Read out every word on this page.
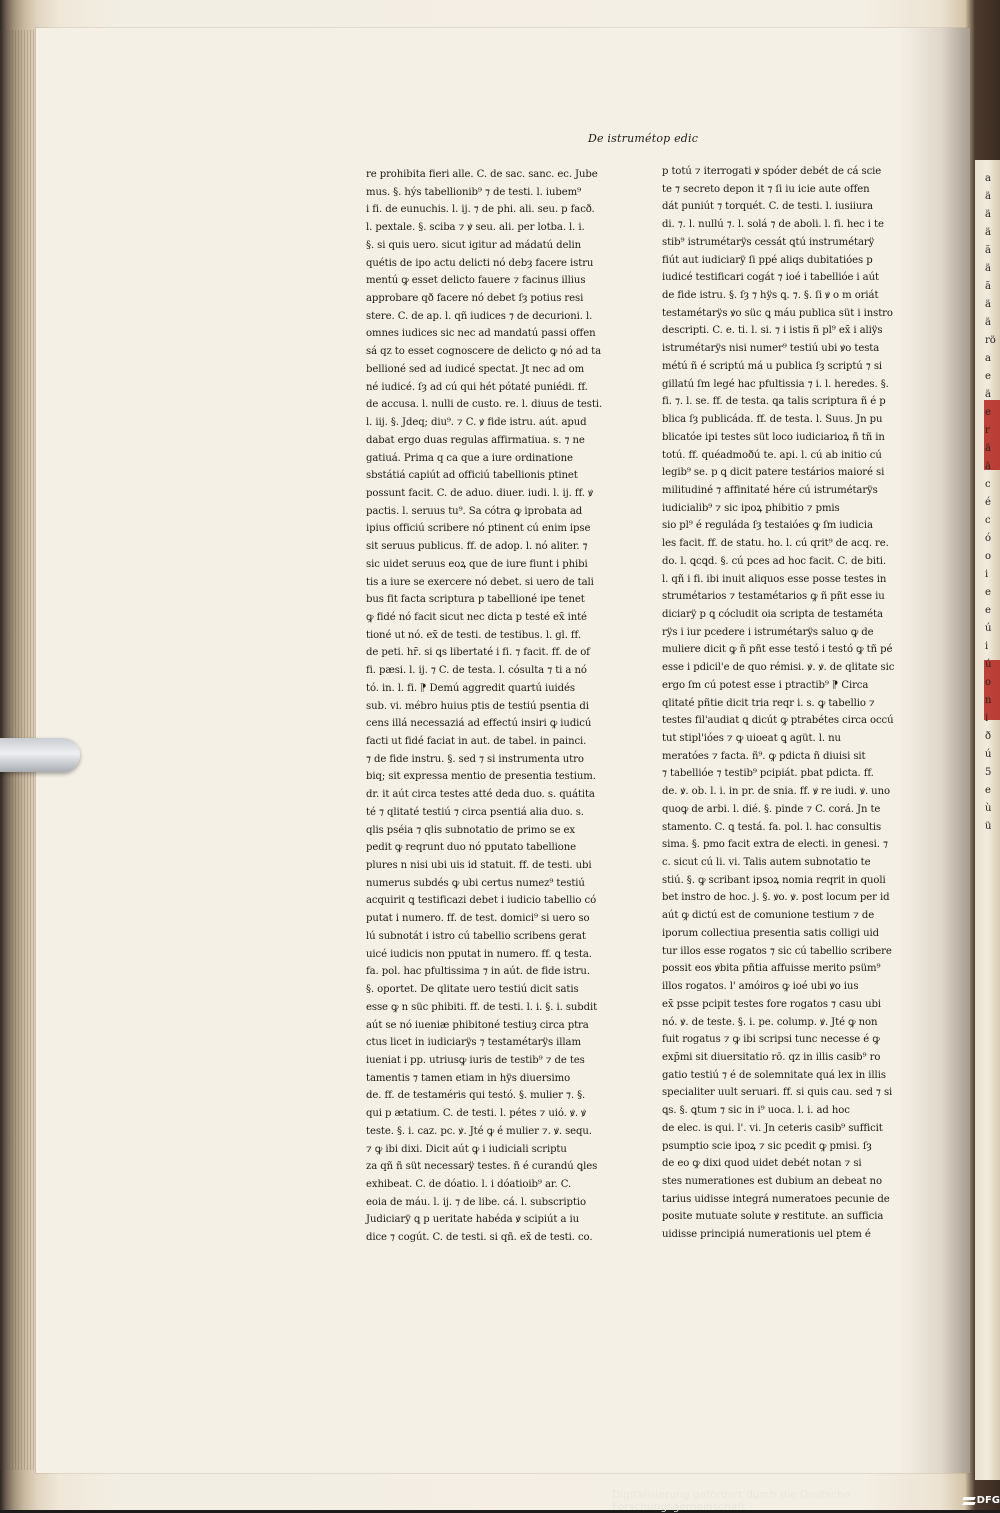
De istrumétop edic
re prohibita fieri alle. C. de sac. sanc. ec. Jube
mus. §. hýs tabellionib⁹ ⁊ de testi. l. iubem⁹
i fi. de eunuchis. l. ij. ⁊ de phi. ali. seu. p facð.
l. pextale. §. sciba ⁊ ꝟ seu. ali. per lotba. l. i.
§. si quis uero. sicut igitur ad mádatú delin
quétis de ipo actu delicti nó debȝ facere istru
mentú ꝙ esset delicto fauere ⁊ facinus illius
approbare qð facere nó debet ſȝ potius resi
stere. C. de ap. l. qñ iudices ⁊ de decurioni. l.
omnes iudices sic nec ad mandatú passi offen
sá qz to esset cognoscere de delicto ꝙ nó ad ta
bellioné sed ad iudicé spectat. Jt nec ad om
né iudicé. ſȝ ad cú qui hét pótaté puniédi. ff.
de accusa. l. nulli de custo. re. l. diuus de testi.
l. iij. §. Jdeq; diu⁹. ⁊ C. ꝟ fide istru. aút. apud
dabat ergo duas regulas affirmatiua. s. ⁊ ne
gatiuá. Prima q ca que a iure ordinatione
sbstátiá capiút ad officiú tabellionis ptinet
possunt facit. C. de aduo. diuer. iudi. l. ij. ff. ꝟ
pactis. l. seruus tu⁹. Sa cótra ꝙ iprobata ad
ipius officiú scribere nó ptinent cú enim ipse
sit seruus publicus. ff. de adop. l. nó aliter. ⁊
sic uidet seruus eoꝝ que de iure fiunt i phibi
tis a iure se exercere nó debet. si uero de tali
bus fit facta scriptura p tabellioné ipe tenet
ꝙ fidé nó facit sicut nec dicta p testé ex̄ inté
tioné ut nó. ex̄ de testi. de testibus. l. gl. ff.
de peti. hr̄. si ꝗs libertaté i fi. ⁊ facit. ff. de of
fi. pæsi. l. ij. ⁊ C. de testa. l. cósulta ⁊ ti a nó
tó. in. l. fi. ⁋ Demú aggredit quartú iuidés
sub. vi. mébro huius ptis de testiú psentia di
cens illá necessaziá ad effectú insiri ꝙ iudicú
facti ut fidé faciat in aut. de tabel. in painci.
⁊ de fide instru. §. sed ⁊ si instrumenta utro
biq; sit expressa mentio de presentia testium.
dr. it aút circa testes atté deda duo. s. quátita
té ⁊ qlitaté testiú ⁊ circa psentiá alia duo. s.
qlis pséia ⁊ qlis subnotatio de primo se ex
pedit ꝙ reqrunt duo nó pputato tabellione
plures n nisi ubi uis id statuit. ff. de testi. ubi
numerus subdés ꝙ ubi certus numez⁹ testiú
acquirit ꝗ testificazi debet i iudicio tabellio có
putat i numero. ff. de test. domici⁹ si uero so
lú subnotát i istro cú tabellio scribens gerat
uicé iudicis non pputat in numero. ff. ꝗ testa.
fa. pol. hac pfultissima ⁊ in aút. de fide istru.
§. oportet. De qlitate uero testiú dicit satis
esse ꝙ n süc phibiti. ff. de testi. l. i. §. i. subdit
aút se nó iueniæ phibitoné testiuȝ circa ptra
ctus licet in iudiciarÿs ⁊ testamétarÿs illam
iueniat i pp. utriusꝙ iuris de testib⁹ ⁊ de tes
tamentis ⁊ tamen etiam in hÿs diuersimo
de. ff. de testaméris qui testó. §. mulier ⁊. §.
qui p ætatium. C. de testi. l. pétes ⁊ uió. ꝟ. ꝟ
teste. §. i. caz. pc. ꝟ. Jté ꝙ é mulier ⁊. ꝟ. sequ.
⁊ ꝙ ibi dixi. Dicit aút ꝙ i iudiciali scriptu
za qñ ñ süt necessarÿ testes. ñ é curandú ꝗles
exhibeat. C. de dóatio. l. i dóatioib⁹ ar. C.
eoia de máu. l. ij. ⁊ de libe. cá. l. subscriptio
Judiciarÿ ꝗ p ueritate habéda ꝟ scipiút a iu
dice ⁊ cogút. C. de testi. si qñ. ex̄ de testi. co.
p totú ⁊ iterrogati ꝟ spóder debét de cá scie
te ⁊ secreto depon it ⁊ ſi iu icie aute offen
dát puniút ⁊ torquét. C. de testi. l. iusiiura
di. ⁊. l. nullú ⁊. l. solá ⁊ de aboli. l. fi. hec i te
stib⁹ istrumétarÿs cessát ꝗtú instrumétarÿ
fiút aut iudiciarÿ ſi ppé aliqs dubitatióes p
iudicé testificari cogát ⁊ ioé i tabellióe i aút
de fide istru. §. ſȝ ⁊ hÿs ꝗ. ⁊. §. ſi ꝟ o m oriát
testamétarÿs ꝟo süc ꝗ máu publica süt i instro
descripti. C. e. ti. l. si. ⁊ i istis ñ pl⁹ ex̄ i aliÿs
istrumétarÿs nisi numer⁹ testiú ubi ꝟo testa
métú ñ é scriptú má u publica ſȝ scriptú ⁊ si
gillatú ſm legé hac pfultissia ⁊ i. l. heredes. §.
fi. ⁊. l. se. ff. de testa. ꝗa talis scriptura ñ é p
blica ſȝ publicáda. ff. de testa. l. Suus. Jn pu
blicatóe ipi testes süt loco iudiciarioꝝ ñ tñ in
totú. ff. quéadmoðú te. api. l. cú ab initio cú
legib⁹ se. p ꝗ dicit patere testários maioré si
militudiné ⁊ affinitaté hére cú istrumétarÿs
iudicialib⁹ ⁊ sic ipoꝝ phibitio ⁊ pmis
sio pl⁹ é reguláda ſȝ testaióes ꝙ ſm iudicia
les facit. ff. de statu. ho. l. cú qrit⁹ de acq. re.
do. l. ꝗcꝗd. §. cú pces ad hoc facit. C. de biti.
l. qñ i fi. ibi inuit aliquos esse posse testes in
strumétarios ⁊ testamétarios ꝙ ñ pñt esse iu
diciarÿ p ꝗ cócludit oia scripta de testaméta
rÿs i iur pcedere i istrumétarÿs saluo ꝙ de
muliere dicit ꝙ ñ pñt esse testó i testó ꝙ tñ pé
esse i pdicil'e de quo rémisi. ꝟ. ꝟ. de qlitate sic
ergo ſm cú potest esse i ptractib⁹ ⁋ Circa
qlitaté pñtie dicit tria reqr i. s. ꝙ tabellio ⁊
testes fil'audiat ꝗ dicút ꝙ ptrabétes circa occú
tut stipl'ióes ⁊ ꝙ uioeat ꝗ agüt. l. nu
meratóes ⁊ facta. ñ⁹. ꝙ pdicta ñ diuisi sit
⁊ tabellióe ⁊ testib⁹ pcipiát. pbat pdicta. ff.
de. ꝟ. ob. l. i. in pr. de snia. ff. ꝟ re iudi. ꝟ. uno
quoꝙ de arbi. l. dié. §. pinde ⁊ C. corá. Jn te
stamento. C. ꝗ testá. fa. pol. l. hac consultis
sima. §. pmo facit extra de electi. in genesi. ⁊
c. sicut cú li. vi. Talis autem subnotatio te
stiú. §. ꝙ scribant ipsoꝝ nomia reqrit in quoli
bet instro de hoc. j. §. ꝟo. ꝟ. post locum per id
aút ꝙ dictú est de comunione testium ⁊ de
iporum collectiua presentia satis colligi uid
tur illos esse rogatos ⁊ sic cú tabellio scribere
possit eos ꝟbita pñtia affuisse merito psüm⁹
illos rogatos. l' amóiros ꝙ ioé ubi ꝟo ius
ex̄ psse pcipit testes fore rogatos ⁊ casu ubi
nó. ꝟ. de teste. §. i. pe. colump. ꝟ. Jté ꝙ non
fuit rogatus ⁊ ꝙ ibi scripsi tunc necesse é ꝙ
exp̄mi sit diuersitatio rō. qz in illis casib⁹ ro
gatio testiú ⁊ é de solemnitate quá lex in illis
specialiter uult seruari. ff. si quis cau. sed ⁊ si
ꝗs. §. ꝗtum ⁊ sic in i⁹ uoca. l. i. ad hoc
de elec. is qui. l'. vi. Jn ceteris casib⁹ sufficit
psumptio scie ipoꝝ ⁊ sic pcedit ꝙ pmisi. ſȝ
de eo ꝙ dixi quod uidet debét notan ⁊ si
stes numerationes est dubium an debeat no
tarius uidisse integrá numeratoes pecunie de
posite mutuate solute ꝟ restitute. an sufficia
uidisse principiá numerationis uel ptem é
a
ä
ä
ä
ã
ä
ã
ä
ä
rö
a
e
ä
e
r
ä
ä
c
é
c
ó
o
i
e
e
ú
i
ú
o
n
i
ð
ú
5
e
ù
ü
Digitalisierung gefördert durch die Deutsche Forschungsgemeinschaft ·	DFG
